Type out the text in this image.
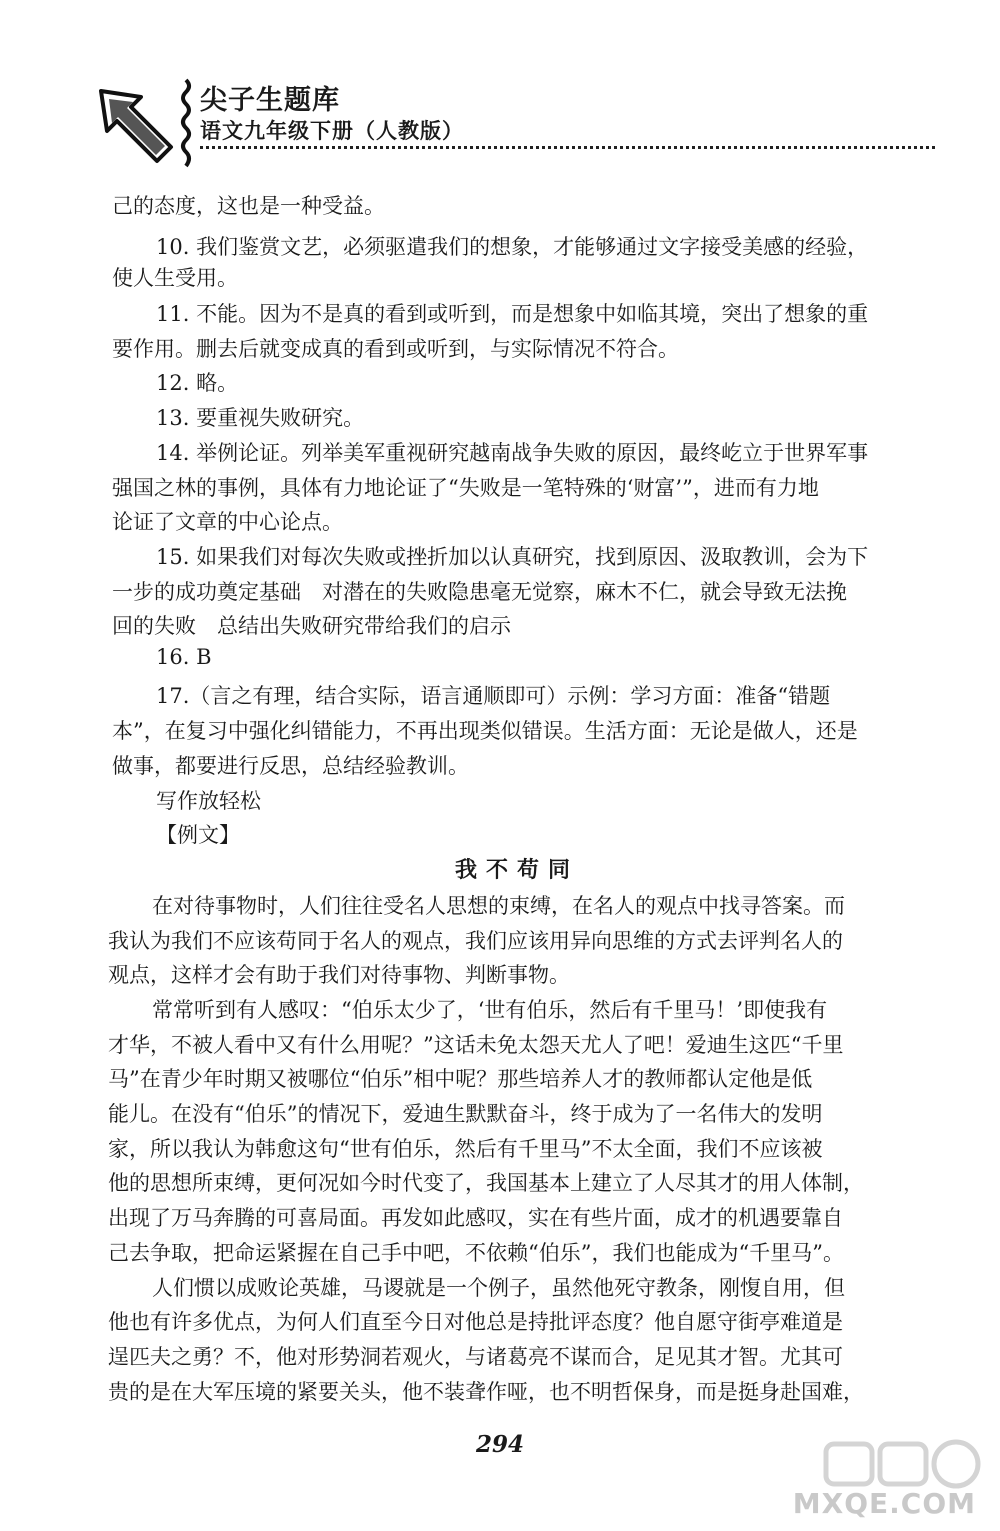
尖子生题库
语文九年级下册（人教版）
己的态度，这也是一种受益。
10. 我们鉴赏文艺，必须驱遣我们的想象，才能够通过文字接受美感的经验，
使人生受用。
11. 不能。因为不是真的看到或听到，而是想象中如临其境，突出了想象的重
要作用。删去后就变成真的看到或听到，与实际情况不符合。
12. 略。
13. 要重视失败研究。
14. 举例论证。列举美军重视研究越南战争失败的原因，最终屹立于世界军事
强国之林的事例，具体有力地论证了“失败是一笔特殊的‘财富’”，进而有力地
论证了文章的中心论点。
15. 如果我们对每次失败或挫折加以认真研究，找到原因、汲取教训，会为下
一步的成功奠定基础　对潜在的失败隐患毫无觉察，麻木不仁，就会导致无法挽
回的失败　总结出失败研究带给我们的启示
16. B
17.（言之有理，结合实际，语言通顺即可）示例：学习方面：准备“错题
本”，在复习中强化纠错能力，不再出现类似错误。生活方面：无论是做人，还是
做事，都要进行反思，总结经验教训。
写作放轻松
【例文】
我不苟同
在对待事物时，人们往往受名人思想的束缚，在名人的观点中找寻答案。而
我认为我们不应该苟同于名人的观点，我们应该用异向思维的方式去评判名人的
观点，这样才会有助于我们对待事物、判断事物。
常常听到有人感叹：“伯乐太少了，‘世有伯乐，然后有千里马！’即使我有
才华，不被人看中又有什么用呢？”这话未免太怨天尤人了吧！爱迪生这匹“千里
马”在青少年时期又被哪位“伯乐”相中呢？那些培养人才的教师都认定他是低
能儿。在没有“伯乐”的情况下，爱迪生默默奋斗，终于成为了一名伟大的发明
家，所以我认为韩愈这句“世有伯乐，然后有千里马”不太全面，我们不应该被
他的思想所束缚，更何况如今时代变了，我国基本上建立了人尽其才的用人体制，
出现了万马奔腾的可喜局面。再发如此感叹，实在有些片面，成才的机遇要靠自
己去争取，把命运紧握在自己手中吧，不依赖“伯乐”，我们也能成为“千里马”。
人们惯以成败论英雄，马谡就是一个例子，虽然他死守教条，刚愎自用，但
他也有许多优点，为何人们直至今日对他总是持批评态度？他自愿守街亭难道是
逞匹夫之勇？不，他对形势洞若观火，与诸葛亮不谋而合，足见其才智。尤其可
贵的是在大军压境的紧要关头，他不装聋作哑，也不明哲保身，而是挺身赴国难，
294
MXQE.COM
